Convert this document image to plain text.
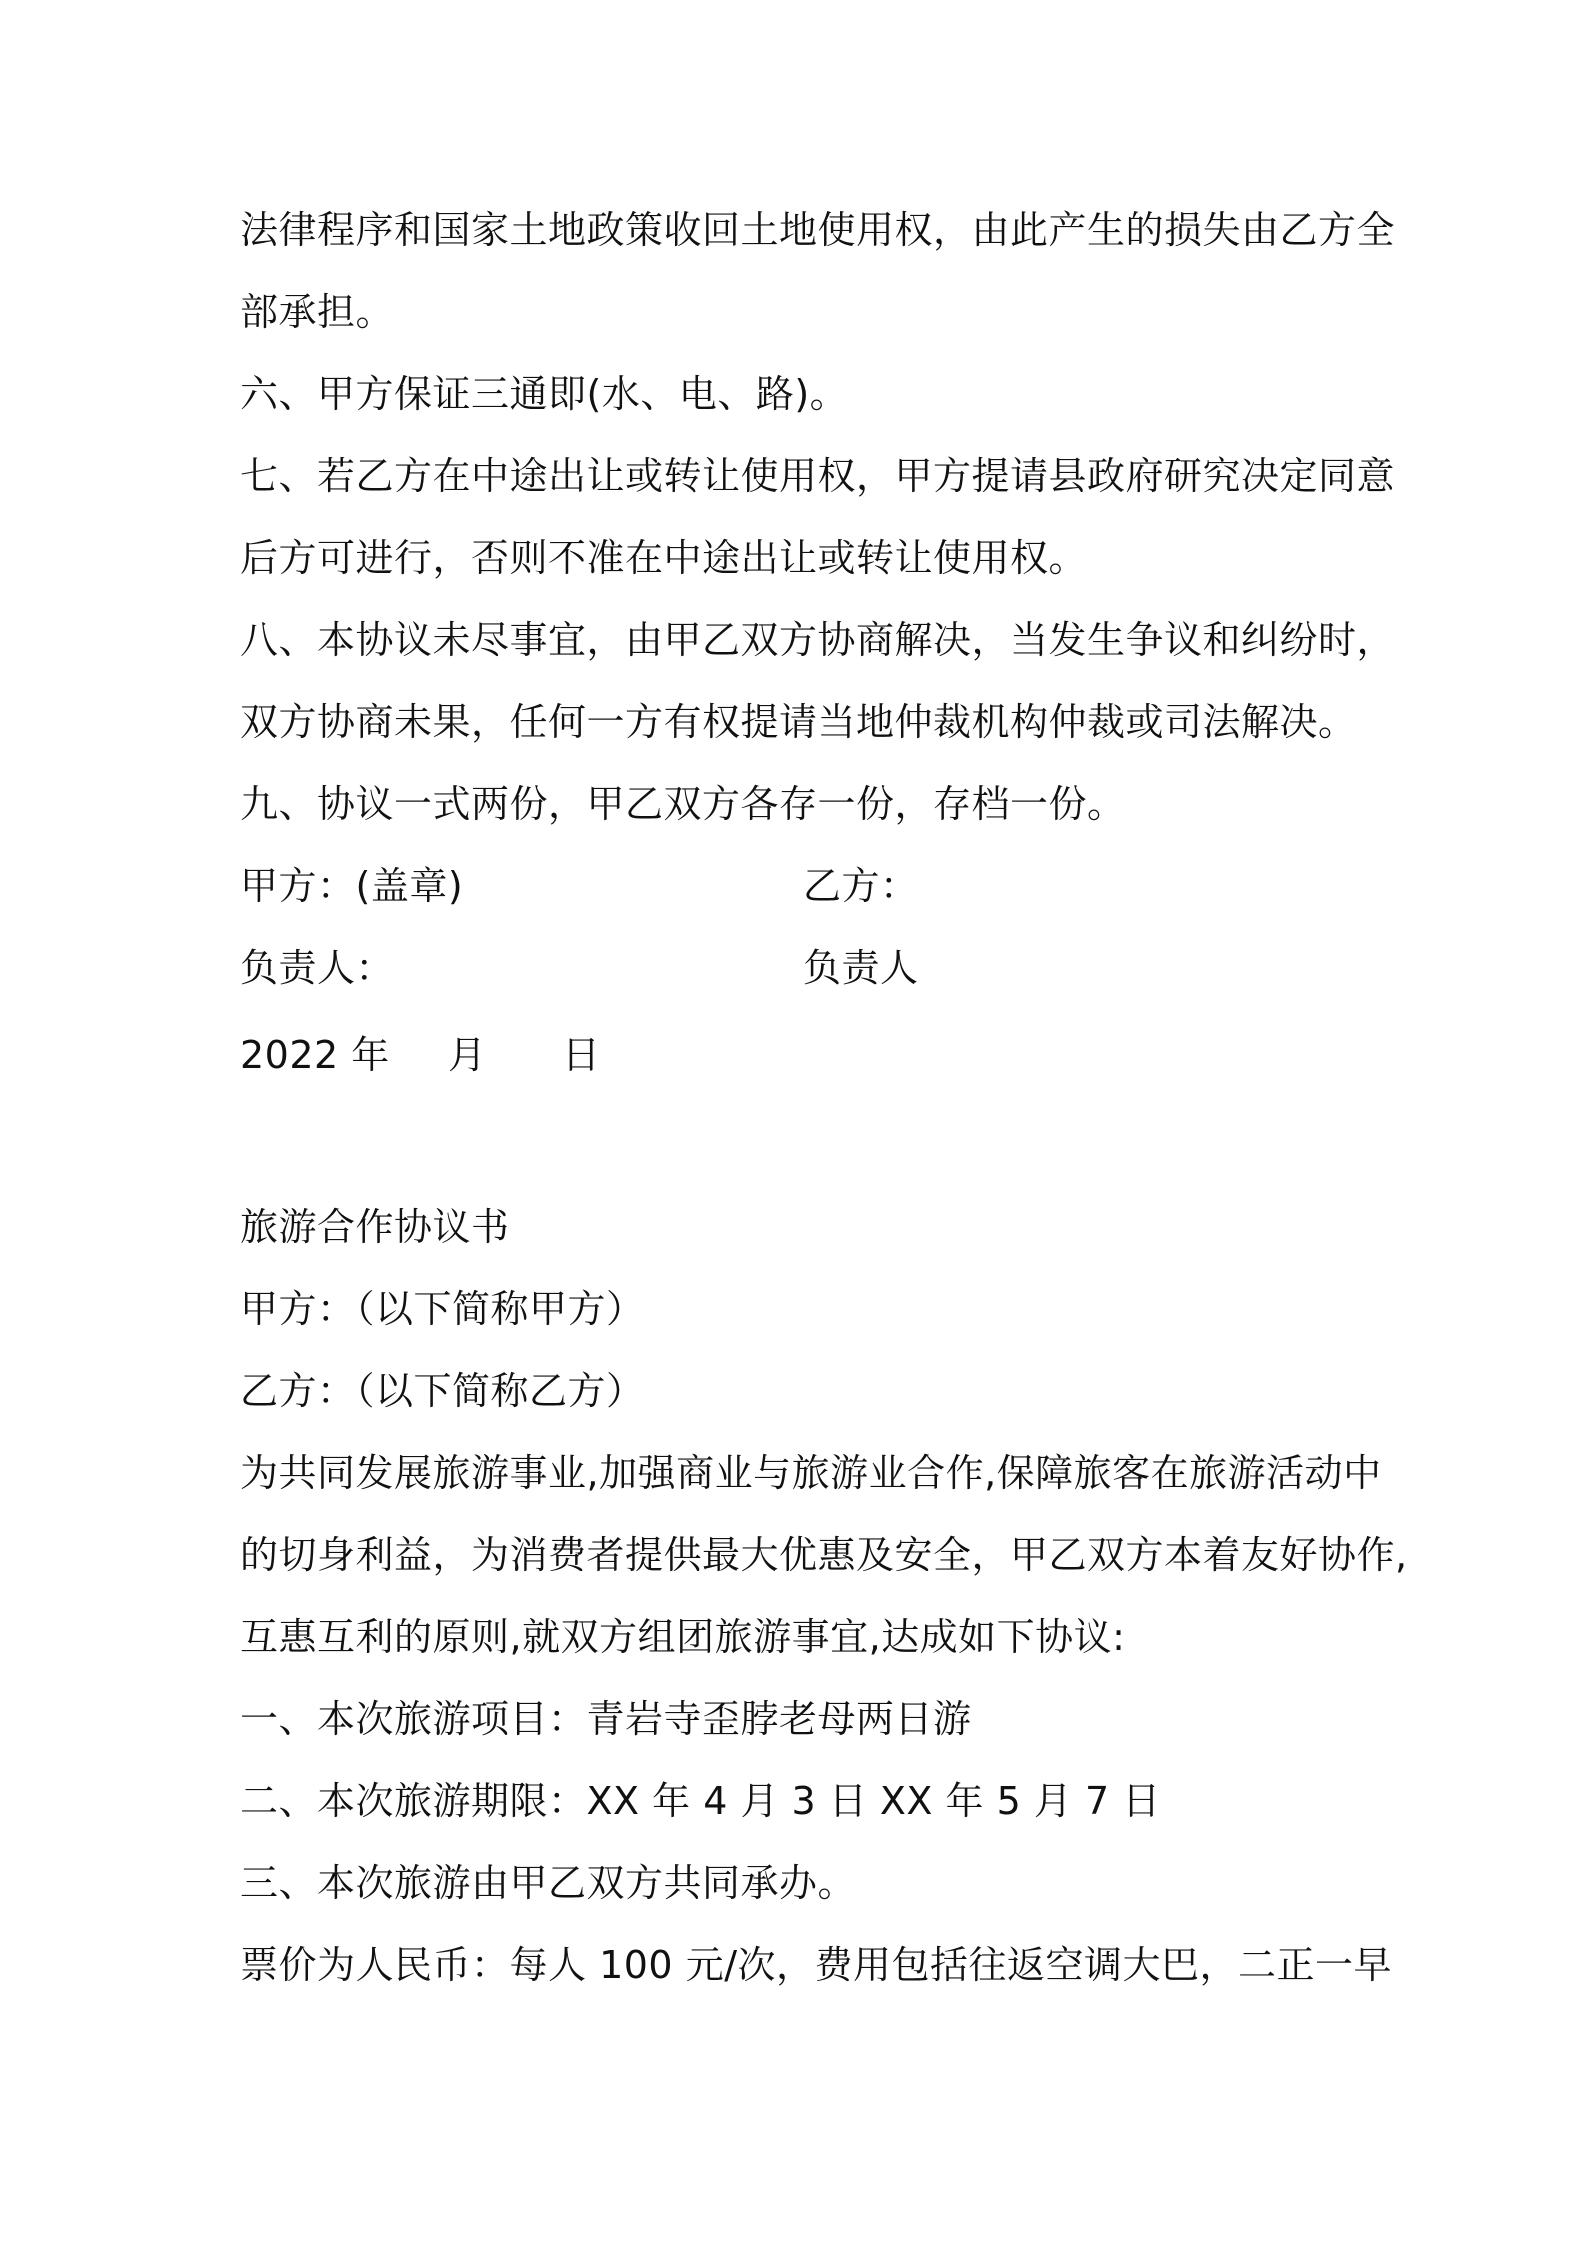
法律程序和国家土地政策收回土地使用权，由此产生的损失由乙方全
部承担。
六、甲方保证三通即(水、电、路)。
七、若乙方在中途出让或转让使用权，甲方提请县政府研究决定同意
后方可进行，否则不准在中途出让或转让使用权。
八、本协议未尽事宜，由甲乙双方协商解决，当发生争议和纠纷时，
双方协商未果，任何一方有权提请当地仲裁机构仲裁或司法解决。
九、协议一式两份，甲乙双方各存一份，存档一份。
甲方：(盖章)	乙方：
负责人：	负责人
2022 年 月 日
旅游合作协议书
甲方：（以下简称甲方）
乙方：（以下简称乙方）
为共同发展旅游事业,加强商业与旅游业合作,保障旅客在旅游活动中
的切身利益，为消费者提供最大优惠及安全，甲乙双方本着友好协作,
互惠互利的原则,就双方组团旅游事宜,达成如下协议:
一、本次旅游项目：青岩寺歪脖老母两日游
二、本次旅游期限：XX 年 4 月 3 日 XX 年 5 月 7 日
三、本次旅游由甲乙双方共同承办。
票价为人民币：每人 100 元/次，费用包括往返空调大巴，二正一早
